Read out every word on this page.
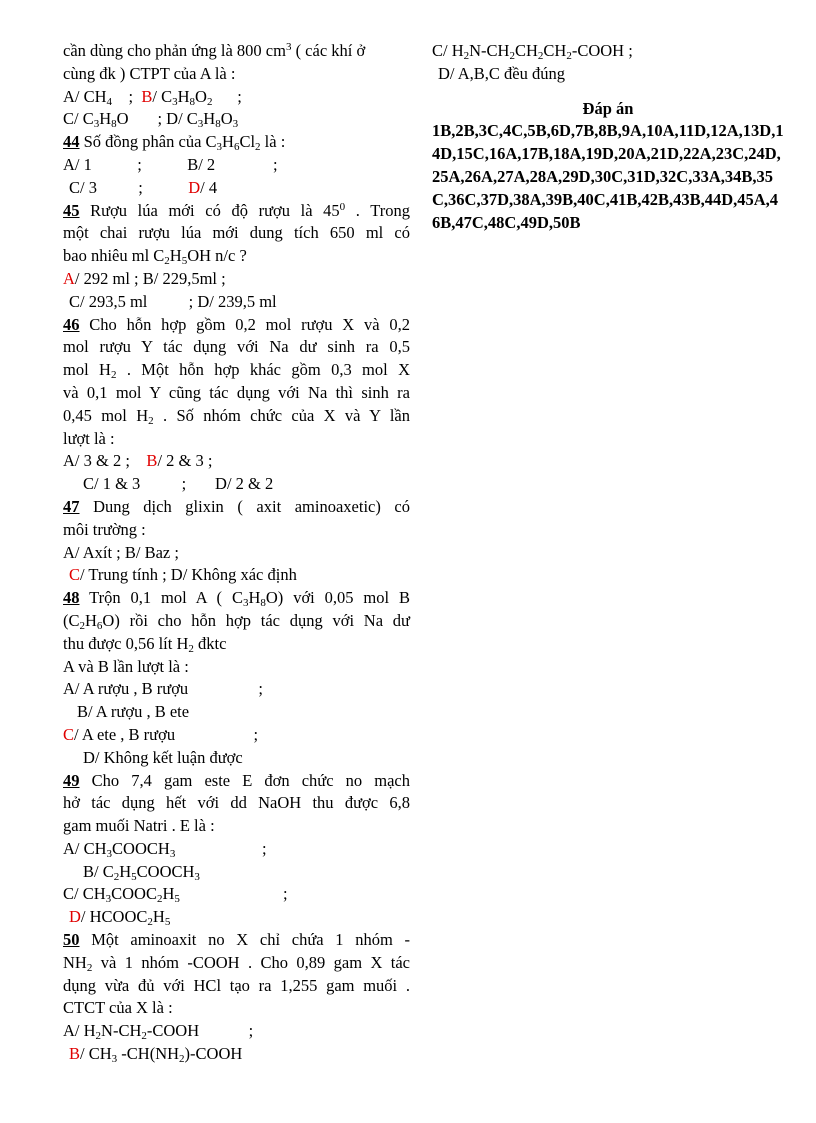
cần dùng cho phản ứng là 800 $cm^3$ ( các khí ở
cùng đk ) CTPT của A là :
A/ $CH_4$    ;  B/ $C_3H_8O_2$ ;
C/ $C_3H_8O$ ; D/ $C_3H_8O_3$
44 Số đồng phân của $C_3H_6Cl_2$ là :
A/ 1	;	B/ 2	;
C/ 3	;	D/ 4
45 Rượu lúa mới có độ rượu là $45^0$ . Trong
một chai rượu lúa mới dung tích 650 ml có
bao nhiêu ml $C_2H_5OH$ n/c ?
A/ 292 ml ; B/ 229,5ml ;
C/ 293,5 ml	; D/ 239,5 ml
46 Cho hỗn hợp gồm 0,2 mol rượu X và 0,2
mol rượu Y tác dụng với Na dư sinh ra 0,5
mol $H_2$ . Một hỗn hợp khác gồm 0,3 mol X
và 0,1 mol Y cũng tác dụng với Na thì sinh ra
0,45 mol $H_2$ . Số nhóm chức của X và Y lần
lượt là :
A/ 3 & 2 ; B/ 2 & 3 ;
C/ 1 & 3	; D/ 2 & 2
47 Dung dịch glixin ( axit aminoaxetic) có
môi trường :
A/ Axít ; B/ Baz ;
C/ Trung tính ; D/ Không xác định
48 Trộn 0,1 mol A ( $C_3H_8O$) với 0,05 mol B
$(C_2H_6O)$ rồi cho hỗn hợp tác dụng với Na dư
thu được 0,56 lít $H_2$ đktc
A và B lần lượt là :
A/ A rượu , B rượu	;
B/ A rượu , B ete
C/ A ete , B rượu	;
D/ Không kết luận được
49 Cho 7,4 gam este E đơn chức no mạch
hở tác dụng hết với dd NaOH thu được 6,8
gam muối Natri . E là :
A/ $CH_3COOCH_3$	;
B/ $C_2H_5COOCH_3$
C/ $CH_3COOC_2H_5$	;
D/ $HCOOC_2H_5$
50 Một aminoaxit no X chỉ chứa 1 nhóm -
$NH_2$ và 1 nhóm -COOH . Cho 0,89 gam X tác
dụng vừa đủ với HCl tạo ra 1,255 gam muối .
CTCT của X là :
A/ $H_2N-CH_2$-COOH	;
B/ $CH_3$ $-CH(NH_2)$-COOH
C/ $H_2N-CH_2CH_2CH_2$-COOH ;
D/ A,B,C đều đúng
Đáp án
1B,2B,3C,4C,5B,6D,7B,8B,9A,10A,11D,12A,13D,14D,15C,16A,17B,18A,19D,20A,21D,22A,23C,24D,25A,26A,27A,28A,29D,30C,31D,32C,33A,34B,35C,36C,37D,38A,39B,40C,41B,42B,43B,44D,45A,46B,47C,48C,49D,50B
